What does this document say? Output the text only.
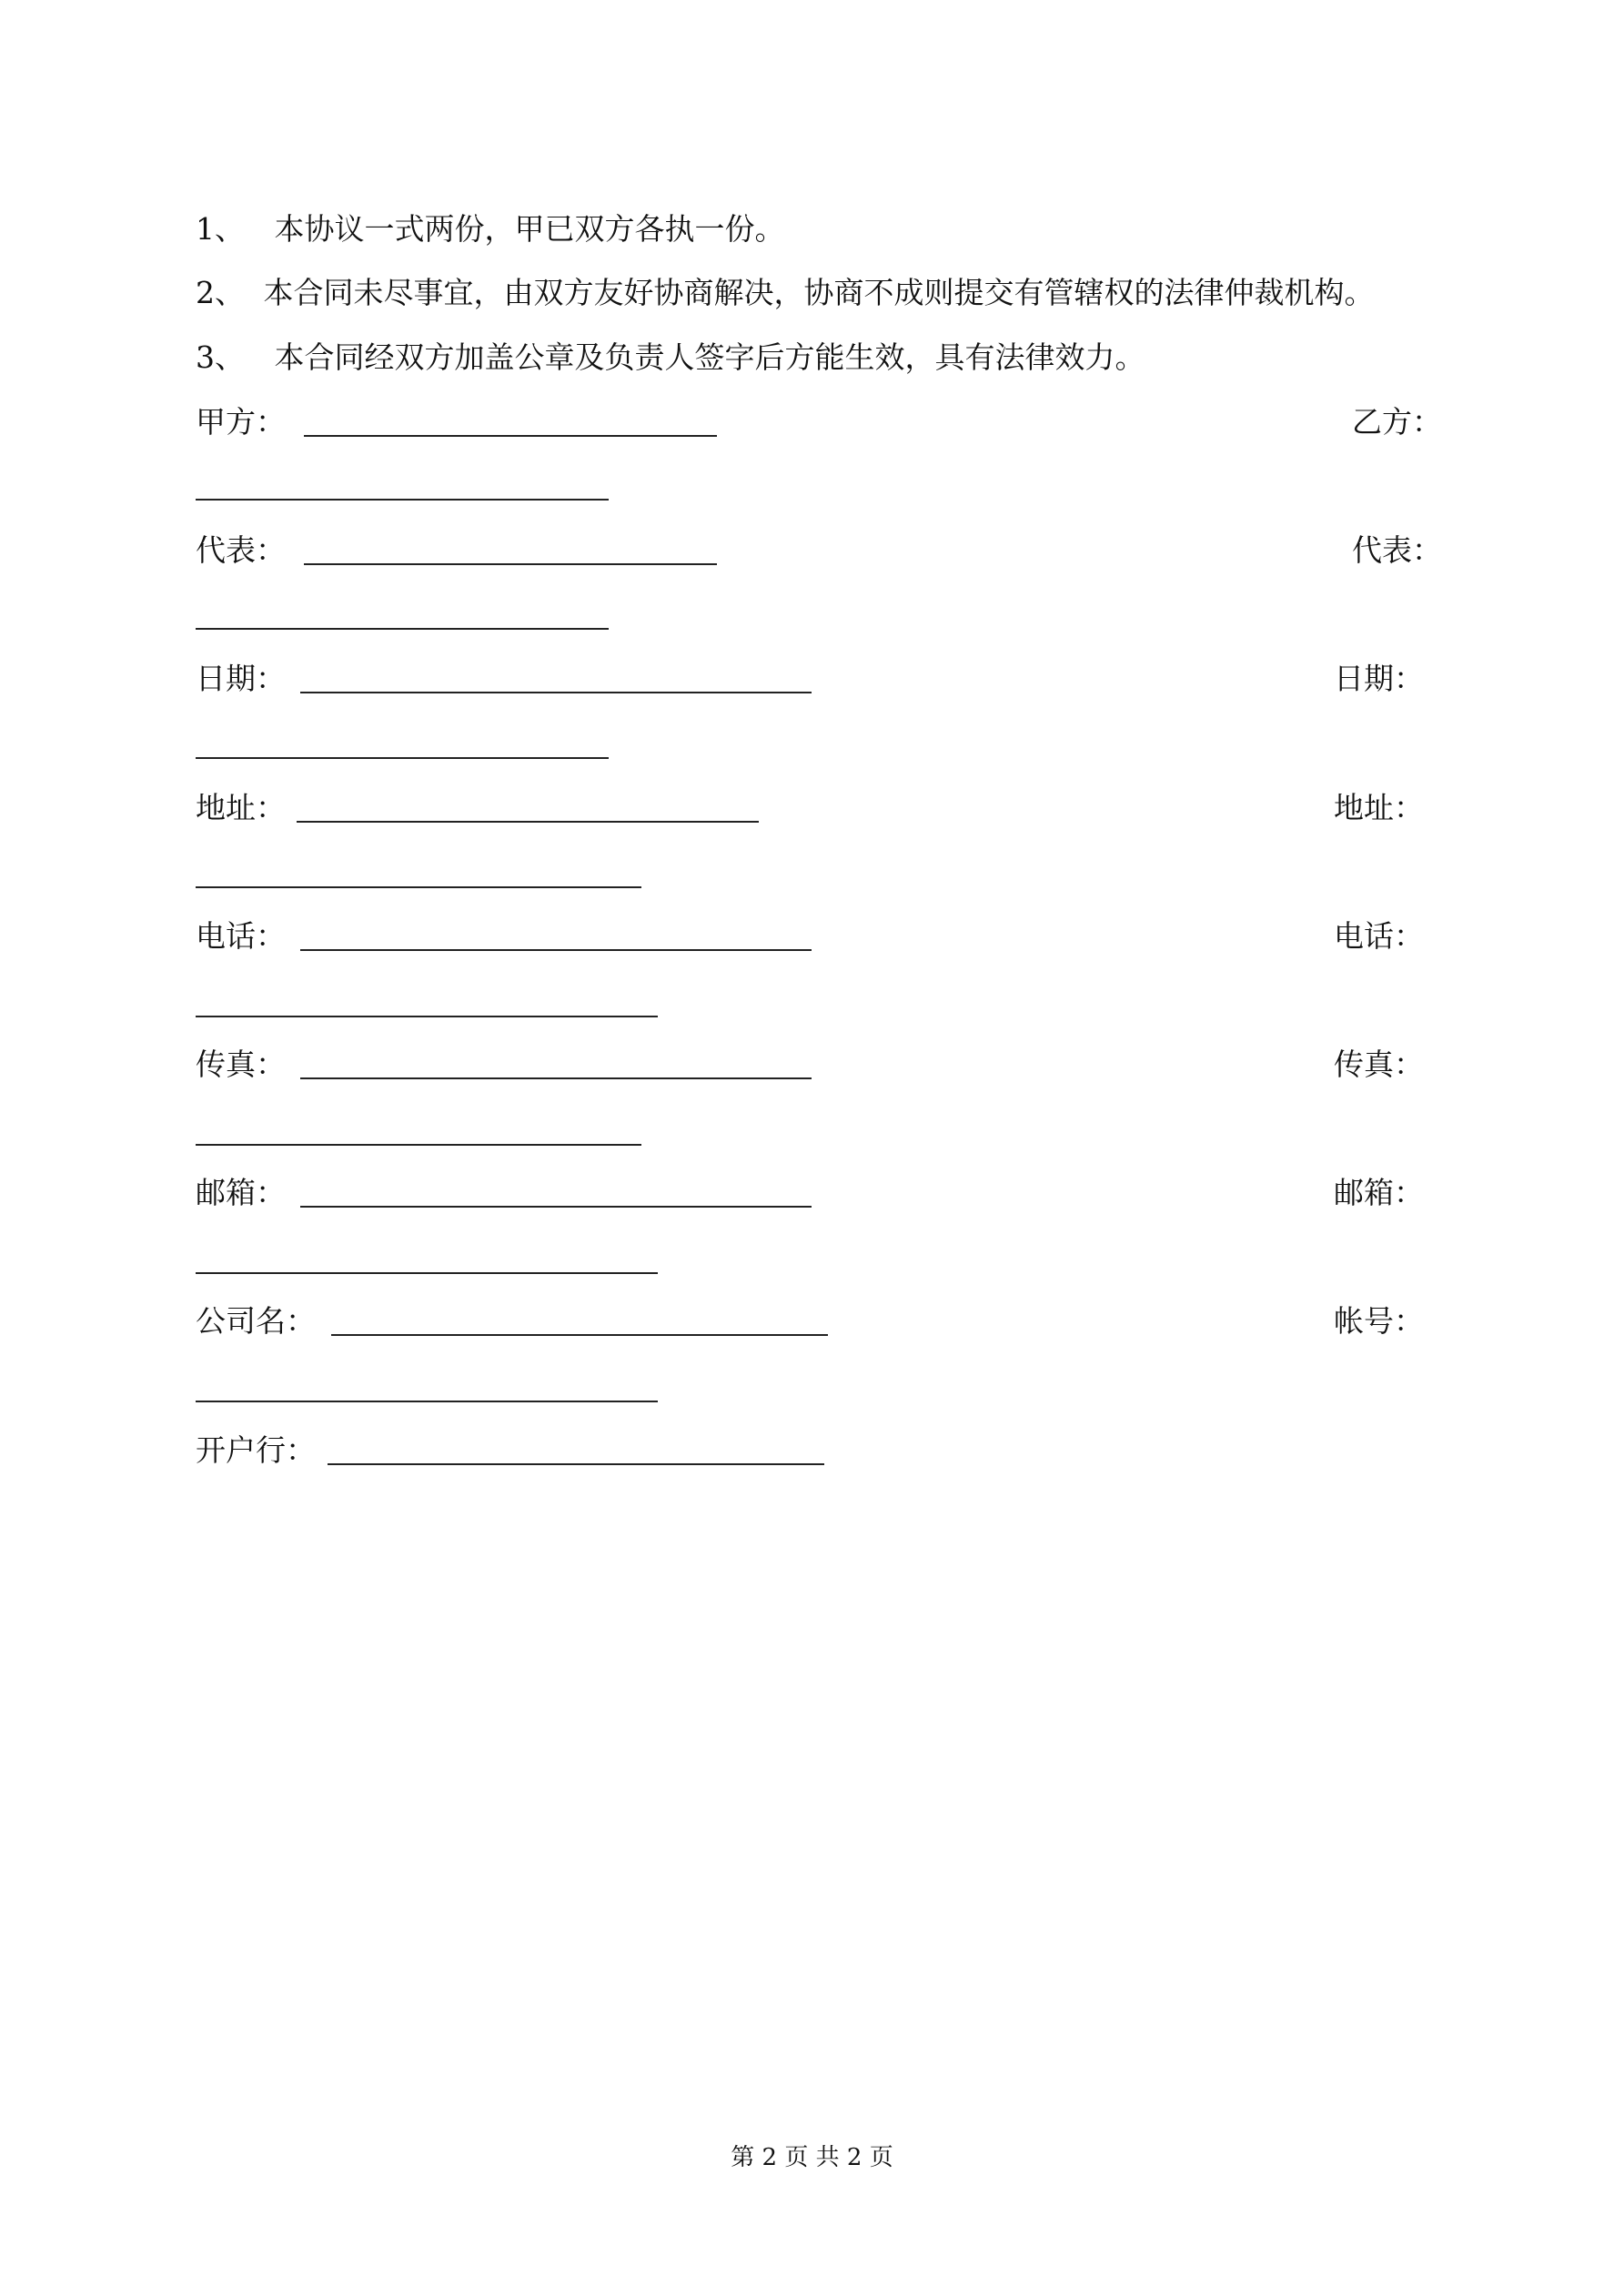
1、 本协议一式两份，甲已双方各执一份。
2、 本合同未尽事宜，由双方友好协商解决，协商不成则提交有管辖权的法律仲裁机构。
3、 本合同经双方加盖公章及负责人签字后方能生效，具有法律效力。
甲方：	乙方：
代表：	代表：
日期：	日期：
地址：	地址：
电话：	电话：
传真：	传真：
邮箱：	邮箱：
公司名：	帐号：
开户行：
第 2 页 共 2 页
